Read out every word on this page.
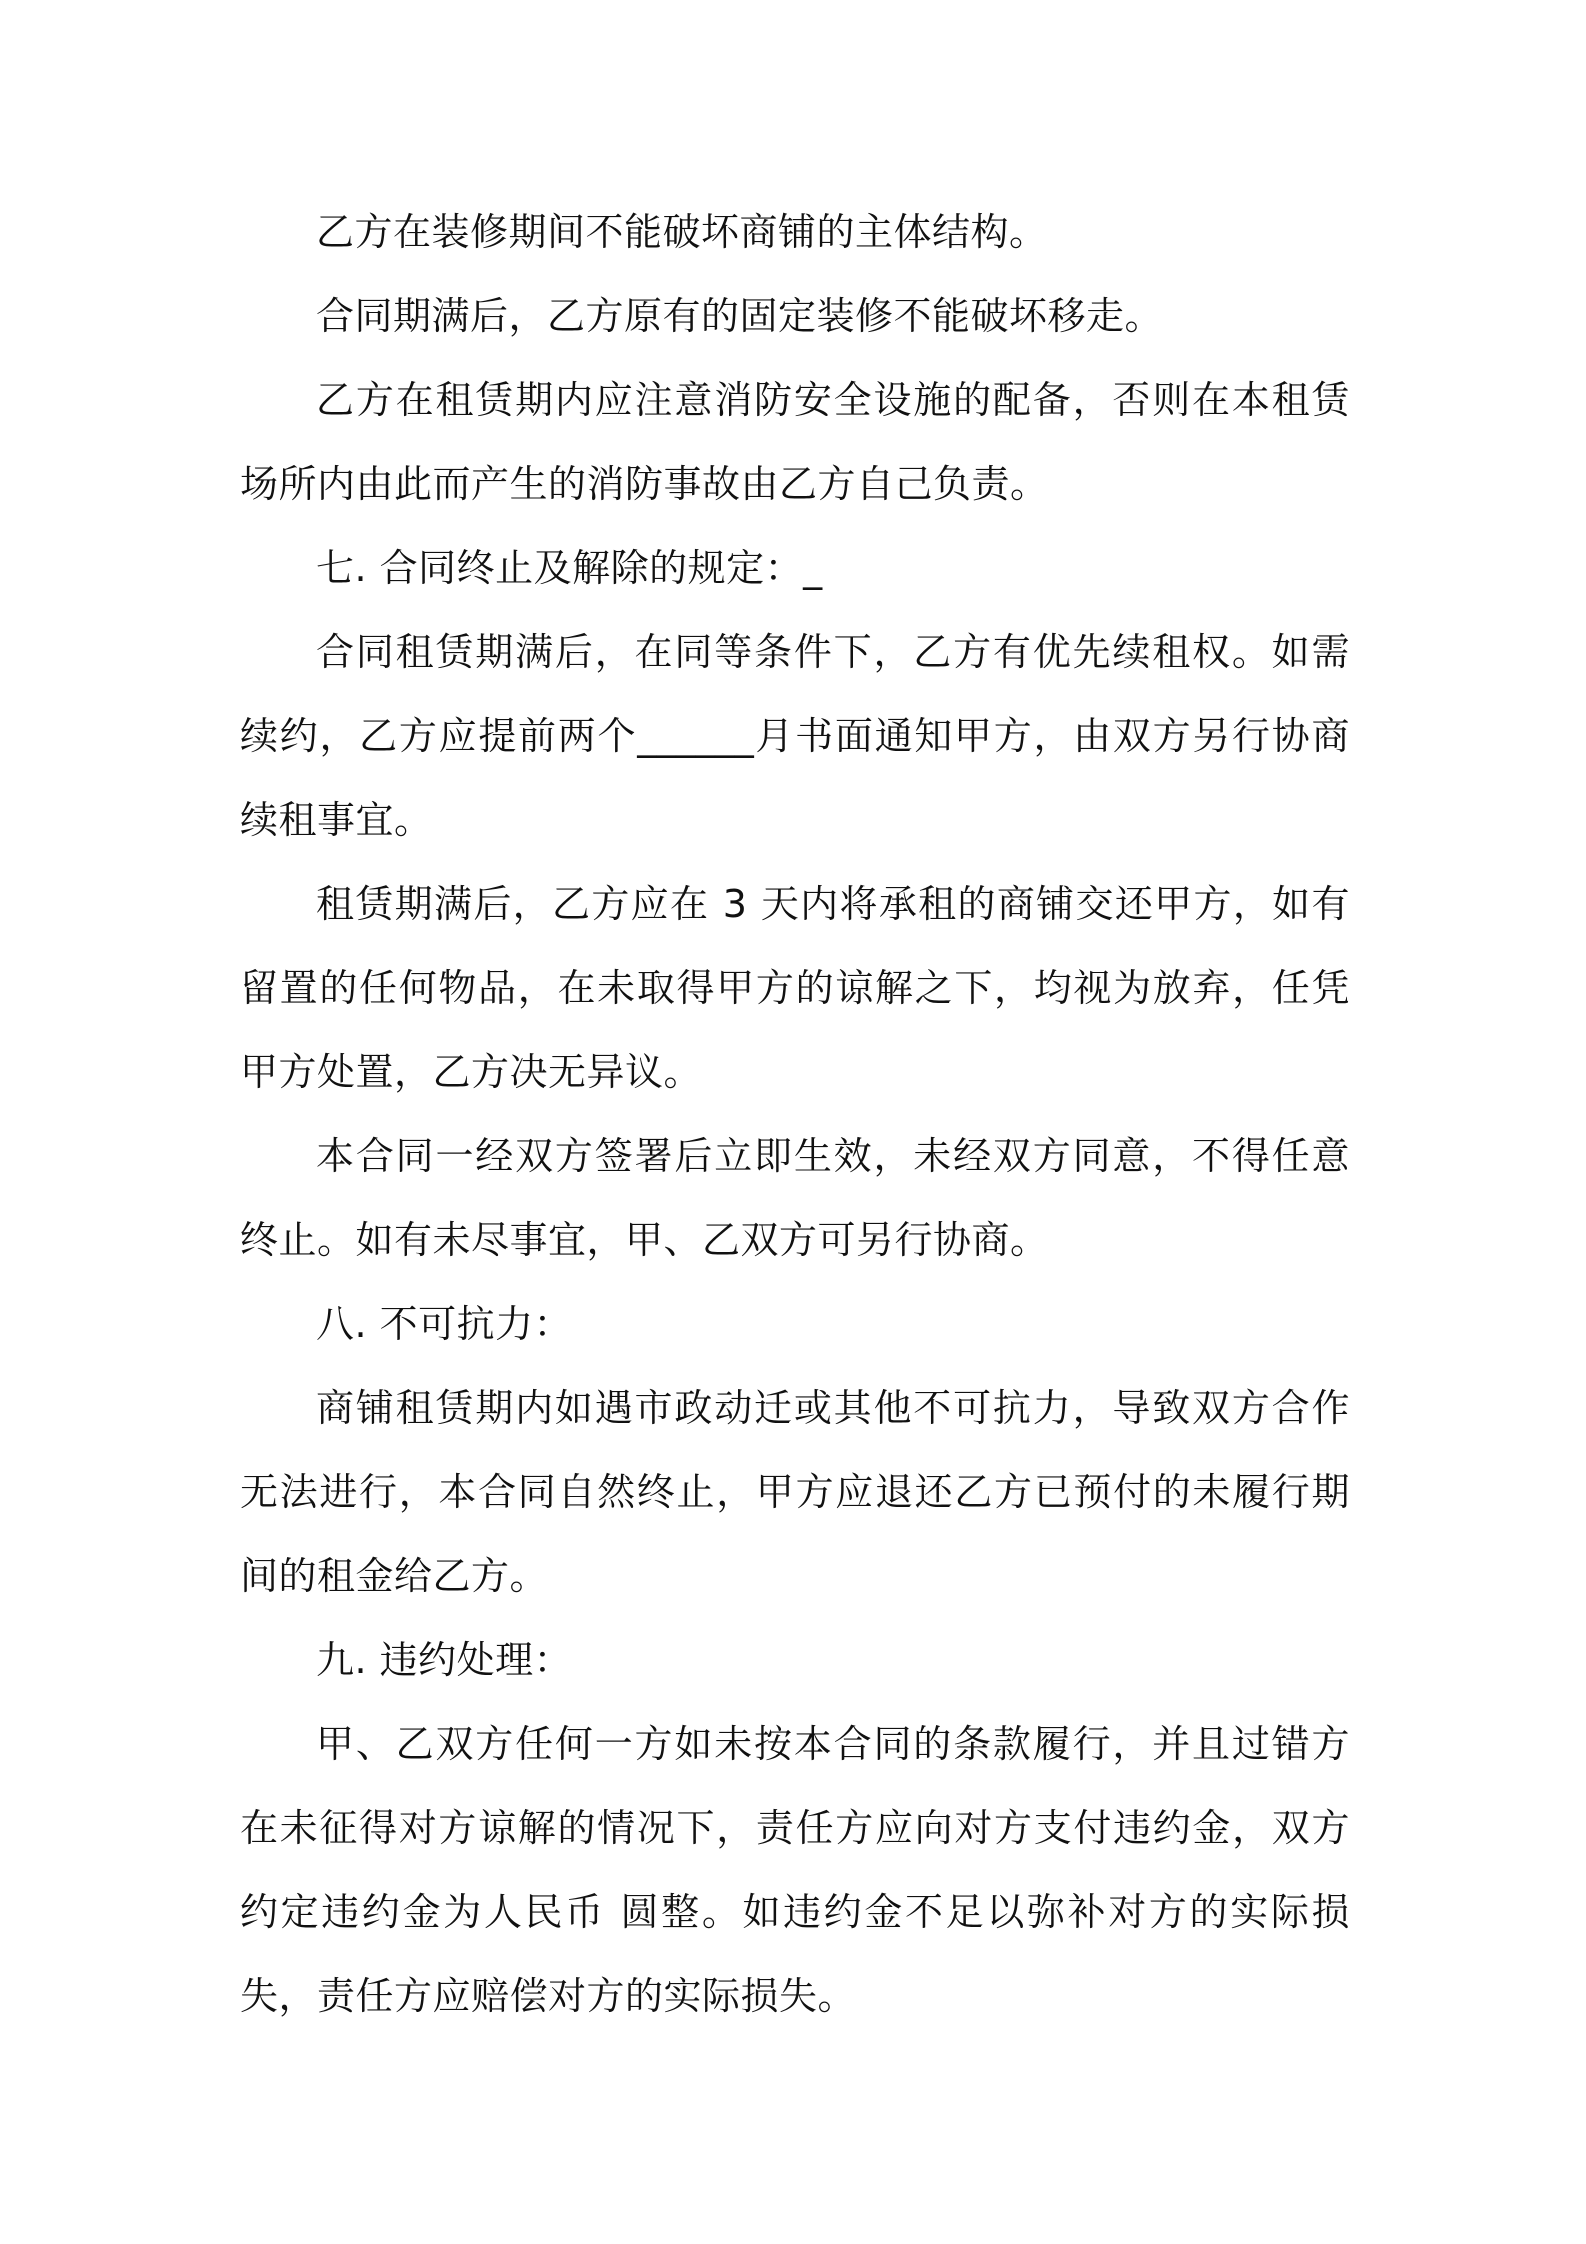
乙方在装修期间不能破坏商铺的主体结构。

合同期满后，乙方原有的固定装修不能破坏移走。

乙方在租赁期内应注意消防安全设施的配备，否则在本租赁场所内由此而产生的消防事故由乙方自己负责。

七. 合同终止及解除的规定：_

合同租赁期满后，在同等条件下，乙方有优先续租权。如需续约，乙方应提前两个______月书面通知甲方，由双方另行协商续租事宜。

租赁期满后，乙方应在 3 天内将承租的商铺交还甲方，如有留置的任何物品，在未取得甲方的谅解之下，均视为放弃，任凭甲方处置，乙方决无异议。

本合同一经双方签署后立即生效，未经双方同意，不得任意终止。如有未尽事宜，甲、乙双方可另行协商。

八. 不可抗力：

商铺租赁期内如遇市政动迁或其他不可抗力，导致双方合作无法进行，本合同自然终止，甲方应退还乙方已预付的未履行期间的租金给乙方。

九. 违约处理：

甲、乙双方任何一方如未按本合同的条款履行，并且过错方在未征得对方谅解的情况下，责任方应向对方支付违约金，双方约定违约金为人民币 圆整。如违约金不足以弥补对方的实际损失，责任方应赔偿对方的实际损失。
